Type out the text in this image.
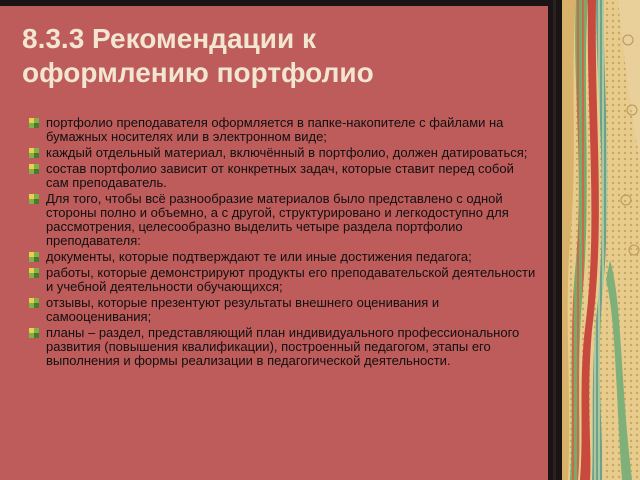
8.3.3 Рекомендации к
оформлению портфолио
портфолио преподавателя оформляется в папке-накопителе с файлами на бумажных носителях или в электронном виде;
каждый отдельный материал, включённый в портфолио, должен датироваться;
состав портфолио зависит от конкретных задач, которые ставит перед собой сам преподаватель.
Для того, чтобы всё разнообразие материалов было представлено с одной стороны полно и объемно, а с другой, структурировано и легкодоступно для рассмотрения, целесообразно выделить четыре раздела портфолио преподавателя:
документы, которые подтверждают те или иные достижения педагога;
работы, которые демонстрируют продукты его преподавательской деятельности и учебной деятельности обучающихся;
отзывы, которые презентуют результаты внешнего оценивания и самооценивания;
планы – раздел, представляющий план индивидуального профессионального развития (повышения квалификации), построенный педагогом, этапы его выполнения и формы реализации в педагогической деятельности.
